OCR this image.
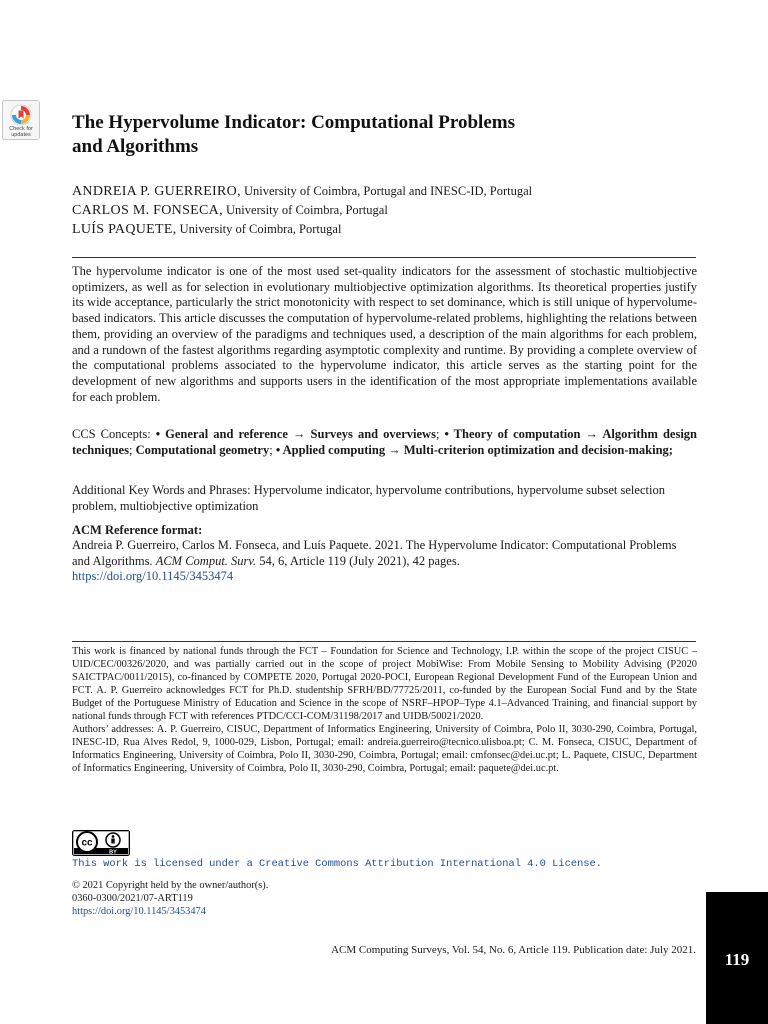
Check for
updates
The Hypervolume Indicator: Computational Problems
and Algorithms
ANDREIA P. GUERREIRO, University of Coimbra, Portugal and INESC-ID, Portugal
CARLOS M. FONSECA, University of Coimbra, Portugal
LUÍS PAQUETE, University of Coimbra, Portugal

The hypervolume indicator is one of the most used set-quality indicators for the assessment of stochastic multiobjective optimizers, as well as for selection in evolutionary multiobjective optimization algorithms. Its theoretical properties justify its wide acceptance, particularly the strict monotonicity with respect to set dominance, which is still unique of hypervolume-based indicators. This article discusses the computation of hypervolume-related problems, highlighting the relations between them, providing an overview of the paradigms and techniques used, a description of the main algorithms for each problem, and a rundown of the fastest algorithms regarding asymptotic complexity and runtime. By providing a complete overview of the computational problems associated to the hypervolume indicator, this article serves as the starting point for the development of new algorithms and supports users in the identification of the most appropriate implementations available for each problem.

CCS Concepts: • General and reference → Surveys and overviews; • Theory of computation → Algorithm design techniques; Computational geometry; • Applied computing → Multi-criterion optimization and decision-making;

Additional Key Words and Phrases: Hypervolume indicator, hypervolume contributions, hypervolume subset selection problem, multiobjective optimization

ACM Reference format:

Andreia P. Guerreiro, Carlos M. Fonseca, and Luís Paquete. 2021. The Hypervolume Indicator: Computational Problems and Algorithms. ACM Comput. Surv. 54, 6, Article 119 (July 2021), 42 pages.
https://doi.org/10.1145/3453474

This work is financed by national funds through the FCT – Foundation for Science and Technology, I.P. within the scope of the project CISUC – UID/CEC/00326/2020, and was partially carried out in the scope of project MobiWise: From Mobile Sensing to Mobility Advising (P2020 SAICTPAC/0011/2015), co-financed by COMPETE 2020, Portugal 2020-POCI, European Regional Development Fund of the European Union and FCT. A. P. Guerreiro acknowledges FCT for Ph.D. studentship SFRH/BD/77725/2011, co-funded by the European Social Fund and by the State Budget of the Portuguese Ministry of Education and Science in the scope of NSRF–HPOP–Type 4.1–Advanced Training, and financial support by national funds through FCT with references PTDC/CCI-COM/31198/2017 and UIDB/50021/2020.

Authors’ addresses: A. P. Guerreiro, CISUC, Department of Informatics Engineering, University of Coimbra, Polo II, 3030-290, Coimbra, Portugal, INESC-ID, Rua Alves Redol, 9, 1000-029, Lisbon, Portugal; email: andreia.guerreiro@tecnico.ulisboa.pt; C. M. Fonseca, CISUC, Department of Informatics Engineering, University of Coimbra, Polo II, 3030-290, Coimbra, Portugal; email: cmfonsec@dei.uc.pt; L. Paquete, CISUC, Department of Informatics Engineering, University of Coimbra, Polo II, 3030-290, Coimbra, Portugal; email: paquete@dei.uc.pt.

cc
BY

This work is licensed under a Creative Commons Attribution International 4.0 License.

© 2021 Copyright held by the owner/author(s).
0360-0300/2021/07-ART119
https://doi.org/10.1145/3453474

ACM Computing Surveys, Vol. 54, No. 6, Article 119. Publication date: July 2021.	119
